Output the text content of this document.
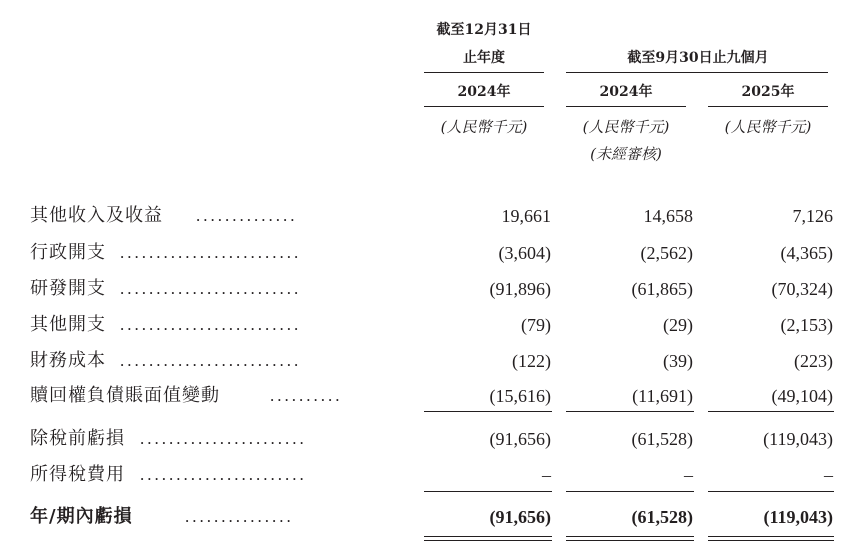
截至12月31日
止年度	截至9月30日止九個月
2024年	2024年	2025年
(人民幣千元)	(人民幣千元)	(人民幣千元)
(未經審核)
其他收入及收益 ..............	19,661	14,658	7,126
行政開支 .........................	(3,604)	(2,562)	(4,365)
研發開支 .........................	(91,896)	(61,865)	(70,324)
其他開支 .........................	(79)	(29)	(2,153)
財務成本 .........................	(122)	(39)	(223)
贖回權負債賬面值變動	..........	(15,616)	(11,691)	(49,104)
除稅前虧損 .......................	(91,656)	(61,528)	(119,043)
所得稅費用 .......................	–	–	–
年/期內虧損	...............	(91,656)	(61,528)	(119,043)
